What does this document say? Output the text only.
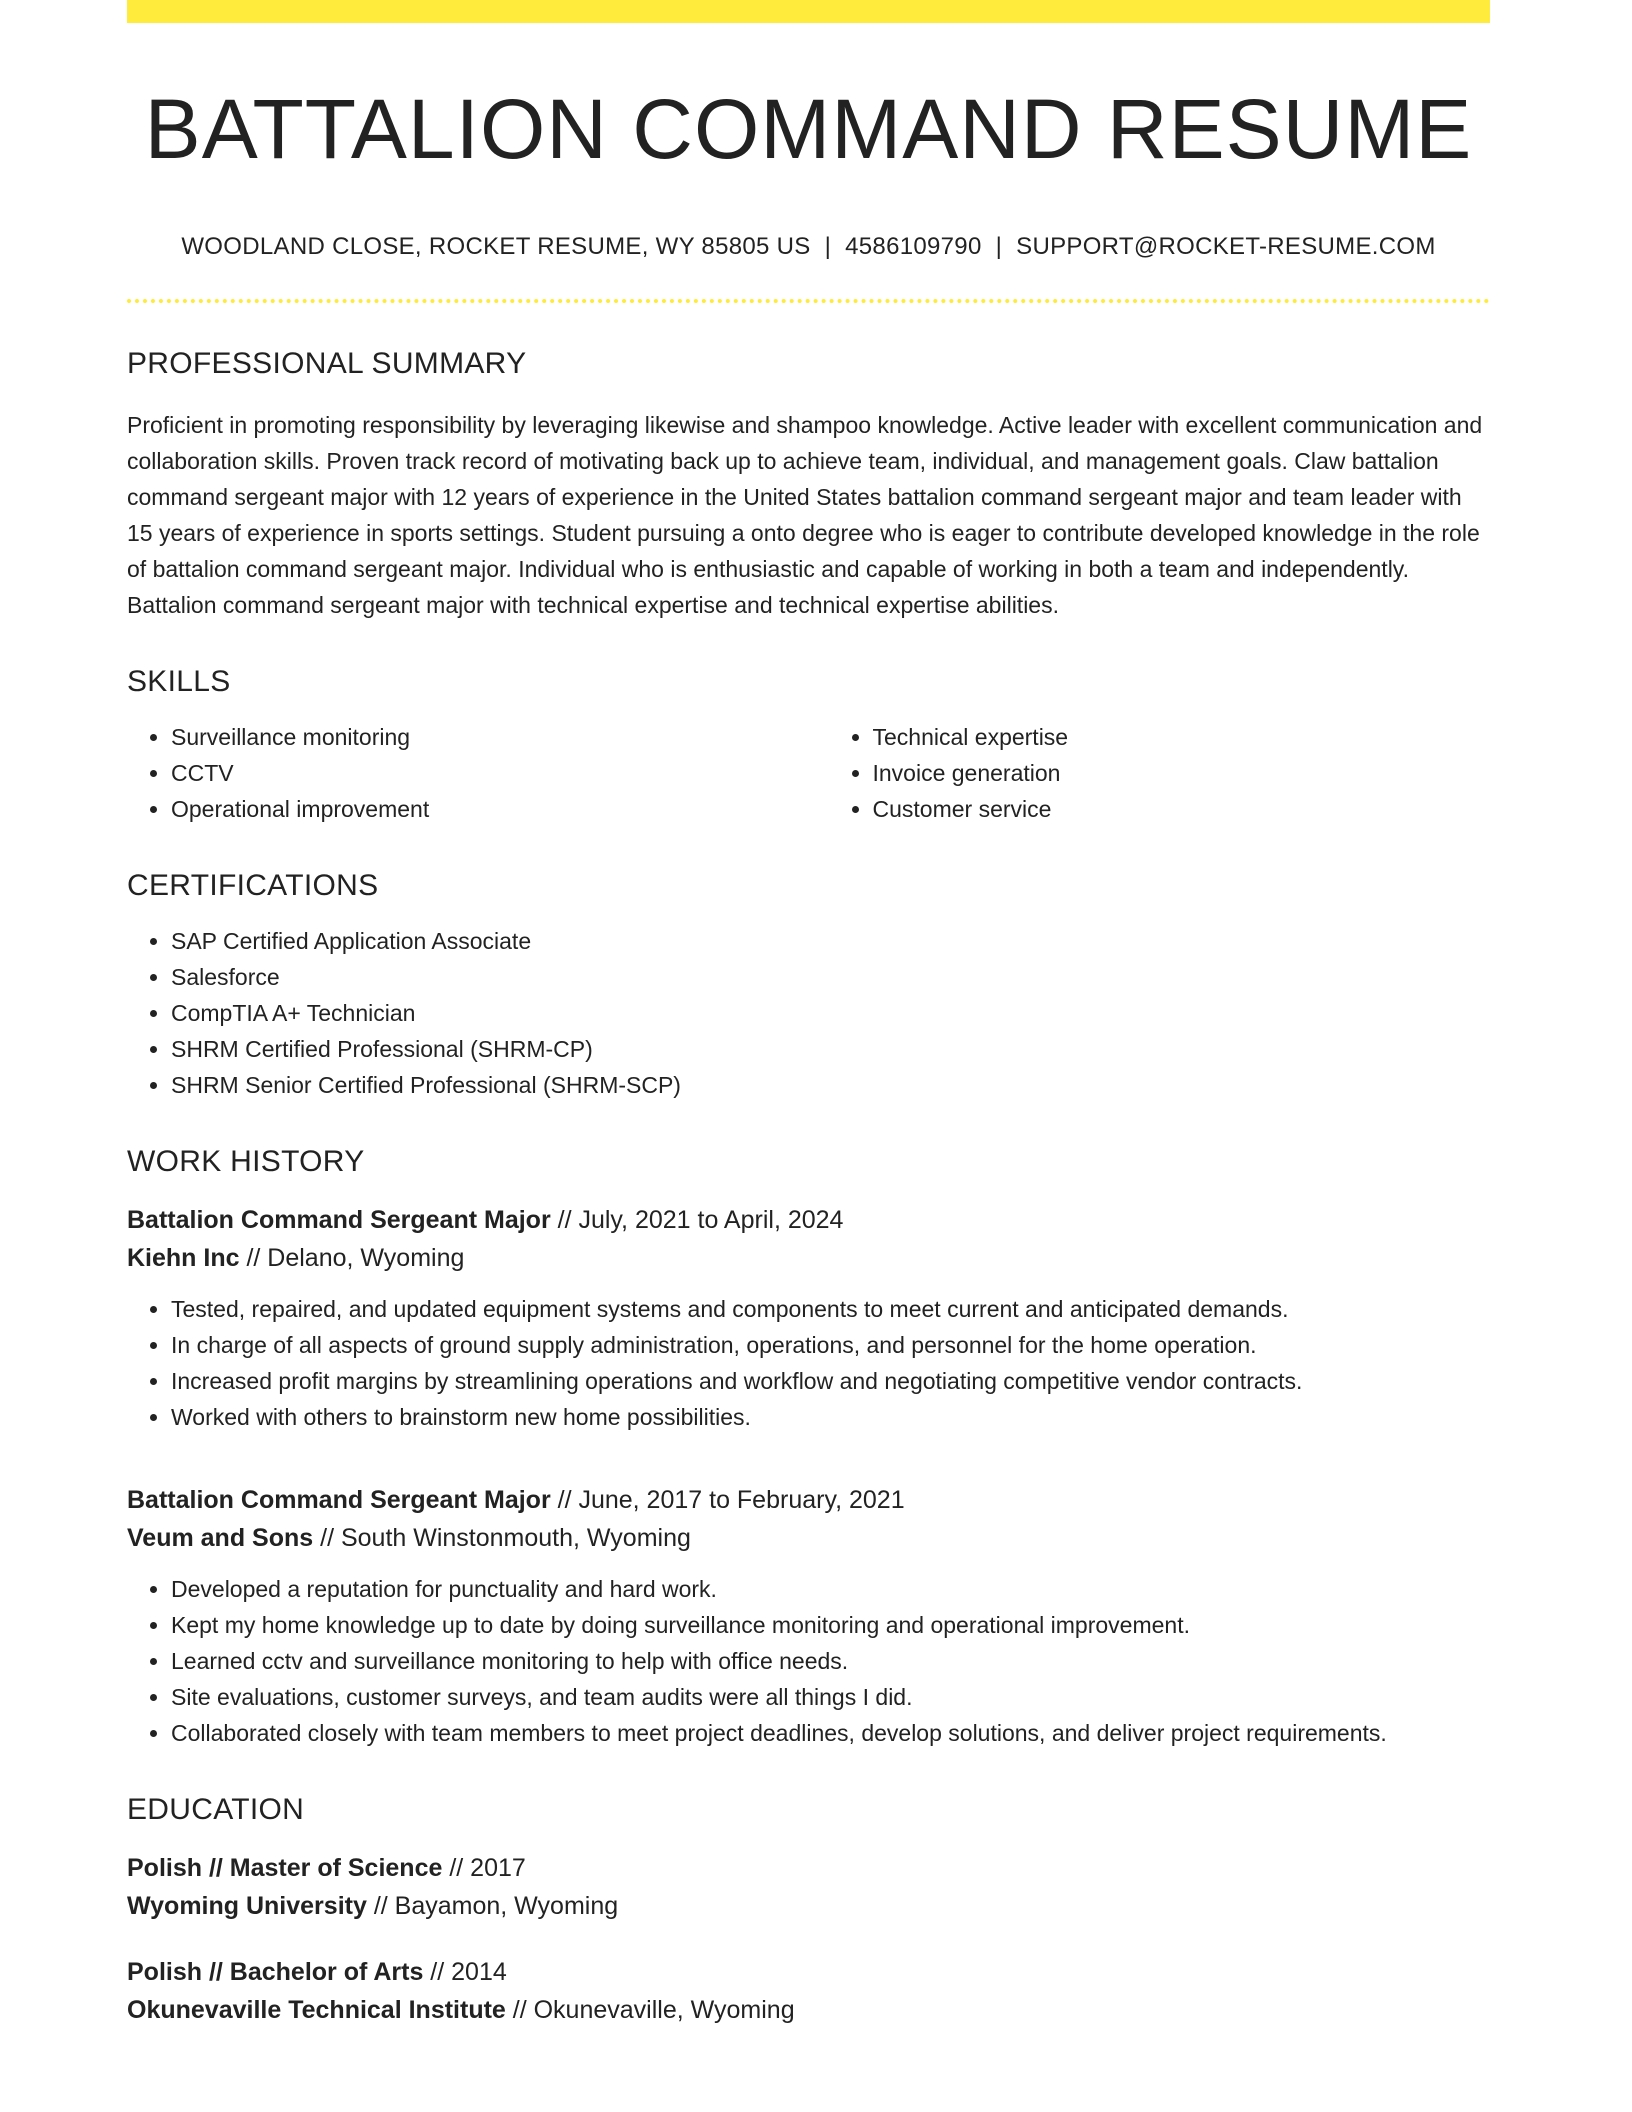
BATTALION COMMAND RESUME
WOODLAND CLOSE, ROCKET RESUME, WY 85805 US | 4586109790 | SUPPORT@ROCKET-RESUME.COM
PROFESSIONAL SUMMARY

Proficient in promoting responsibility by leveraging likewise and shampoo knowledge. Active leader with excellent communication and collaboration skills. Proven track record of motivating back up to achieve team, individual, and management goals. Claw battalion command sergeant major with 12 years of experience in the United States battalion command sergeant major and team leader with 15 years of experience in sports settings. Student pursuing a onto degree who is eager to contribute developed knowledge in the role of battalion command sergeant major. Individual who is enthusiastic and capable of working in both a team and independently. Battalion command sergeant major with technical expertise and technical expertise abilities.

SKILLS
• Surveillance monitoring
• CCTV
• Operational improvement
• Technical expertise
• Invoice generation
• Customer service
CERTIFICATIONS
• SAP Certified Application Associate
• Salesforce
• CompTIA A+ Technician
• SHRM Certified Professional (SHRM-CP)
• SHRM Senior Certified Professional (SHRM-SCP)
WORK HISTORY
Battalion Command Sergeant Major // July, 2021 to April, 2024
Kiehn Inc // Delano, Wyoming
• Tested, repaired, and updated equipment systems and components to meet current and anticipated demands.
• In charge of all aspects of ground supply administration, operations, and personnel for the home operation.
• Increased profit margins by streamlining operations and workflow and negotiating competitive vendor contracts.
• Worked with others to brainstorm new home possibilities.
Battalion Command Sergeant Major // June, 2017 to February, 2021
Veum and Sons // South Winstonmouth, Wyoming
• Developed a reputation for punctuality and hard work.
• Kept my home knowledge up to date by doing surveillance monitoring and operational improvement.
• Learned cctv and surveillance monitoring to help with office needs.
• Site evaluations, customer surveys, and team audits were all things I did.
• Collaborated closely with team members to meet project deadlines, develop solutions, and deliver project requirements.
EDUCATION
Polish // Master of Science // 2017
Wyoming University // Bayamon, Wyoming
Polish // Bachelor of Arts // 2014
Okunevaville Technical Institute // Okunevaville, Wyoming
